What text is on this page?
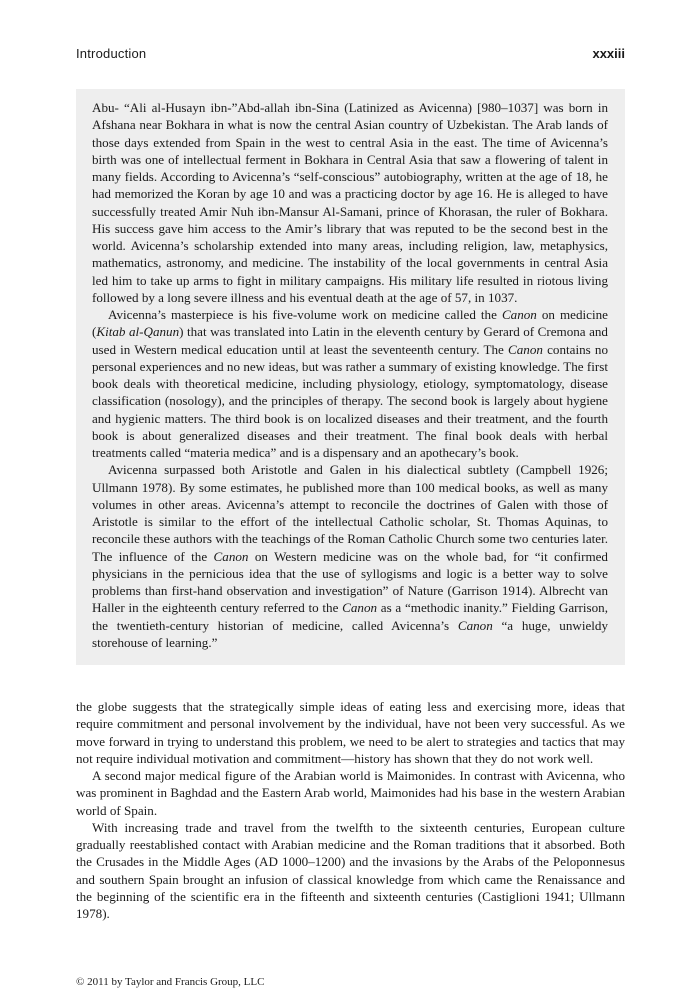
Introduction	xxxiii

Abu- “Ali al-Husayn ibn-”Abd-allah ibn-Sina (Latinized as Avicenna) [980–1037] was born in Afshana near Bokhara in what is now the central Asian country of Uzbekistan. The Arab lands of those days extended from Spain in the west to central Asia in the east. The time of Avicenna’s birth was one of intellectual ferment in Bokhara in Central Asia that saw a flowering of talent in many fields. According to Avicenna’s “self-conscious” autobiography, written at the age of 18, he had memorized the Koran by age 10 and was a practicing doctor by age 16. He is alleged to have successfully treated Amir Nuh ibn-Mansur Al-Samani, prince of Khorasan, the ruler of Bokhara. His success gave him access to the Amir’s library that was reputed to be the second best in the world. Avicenna’s scholarship extended into many areas, including religion, law, metaphysics, mathematics, astronomy, and medicine. The instability of the local governments in central Asia led him to take up arms to fight in military campaigns. His military life resulted in riotous living followed by a long severe illness and his eventual death at the age of 57, in 1037.

Avicenna’s masterpiece is his five-volume work on medicine called the Canon on medicine (Kitab al-Qanun) that was translated into Latin in the eleventh century by Gerard of Cremona and used in Western medical education until at least the seventeenth century. The Canon contains no personal experiences and no new ideas, but was rather a summary of existing knowledge. The first book deals with theoretical medicine, including physiology, etiology, symptomatology, disease classification (nosology), and the principles of therapy. The second book is largely about hygiene and hygienic matters. The third book is on localized diseases and their treatment, and the fourth book is about generalized diseases and their treatment. The final book deals with herbal treatments called “materia medica” and is a dispensary and an apothecary’s book.

Avicenna surpassed both Aristotle and Galen in his dialectical subtlety (Campbell 1926; Ullmann 1978). By some estimates, he published more than 100 medical books, as well as many volumes in other areas. Avicenna’s attempt to reconcile the doctrines of Galen with those of Aristotle is similar to the effort of the intellectual Catholic scholar, St. Thomas Aquinas, to reconcile these authors with the teachings of the Roman Catholic Church some two centuries later. The influence of the Canon on Western medicine was on the whole bad, for “it confirmed physicians in the pernicious idea that the use of syllogisms and logic is a better way to solve problems than first-hand observation and investigation” of Nature (Garrison 1914). Albrecht van Haller in the eighteenth century referred to the Canon as a “methodic inanity.” Fielding Garrison, the twentieth-century historian of medicine, called Avicenna’s Canon “a huge, unwieldy storehouse of learning.”

the globe suggests that the strategically simple ideas of eating less and exercising more, ideas that require commitment and personal involvement by the individual, have not been very successful. As we move forward in trying to understand this problem, we need to be alert to strategies and tactics that may not require individual motivation and commitment—history has shown that they do not work well.

A second major medical figure of the Arabian world is Maimonides. In contrast with Avicenna, who was prominent in Baghdad and the Eastern Arab world, Maimonides had his base in the western Arabian world of Spain.

With increasing trade and travel from the twelfth to the sixteenth centuries, European culture gradually reestablished contact with Arabian medicine and the Roman traditions that it absorbed. Both the Crusades in the Middle Ages (AD 1000–1200) and the invasions by the Arabs of the Peloponnesus and southern Spain brought an infusion of classical knowledge from which came the Renaissance and the beginning of the scientific era in the fifteenth and sixteenth centuries (Castiglioni 1941; Ullmann 1978).

© 2011 by Taylor and Francis Group, LLC
